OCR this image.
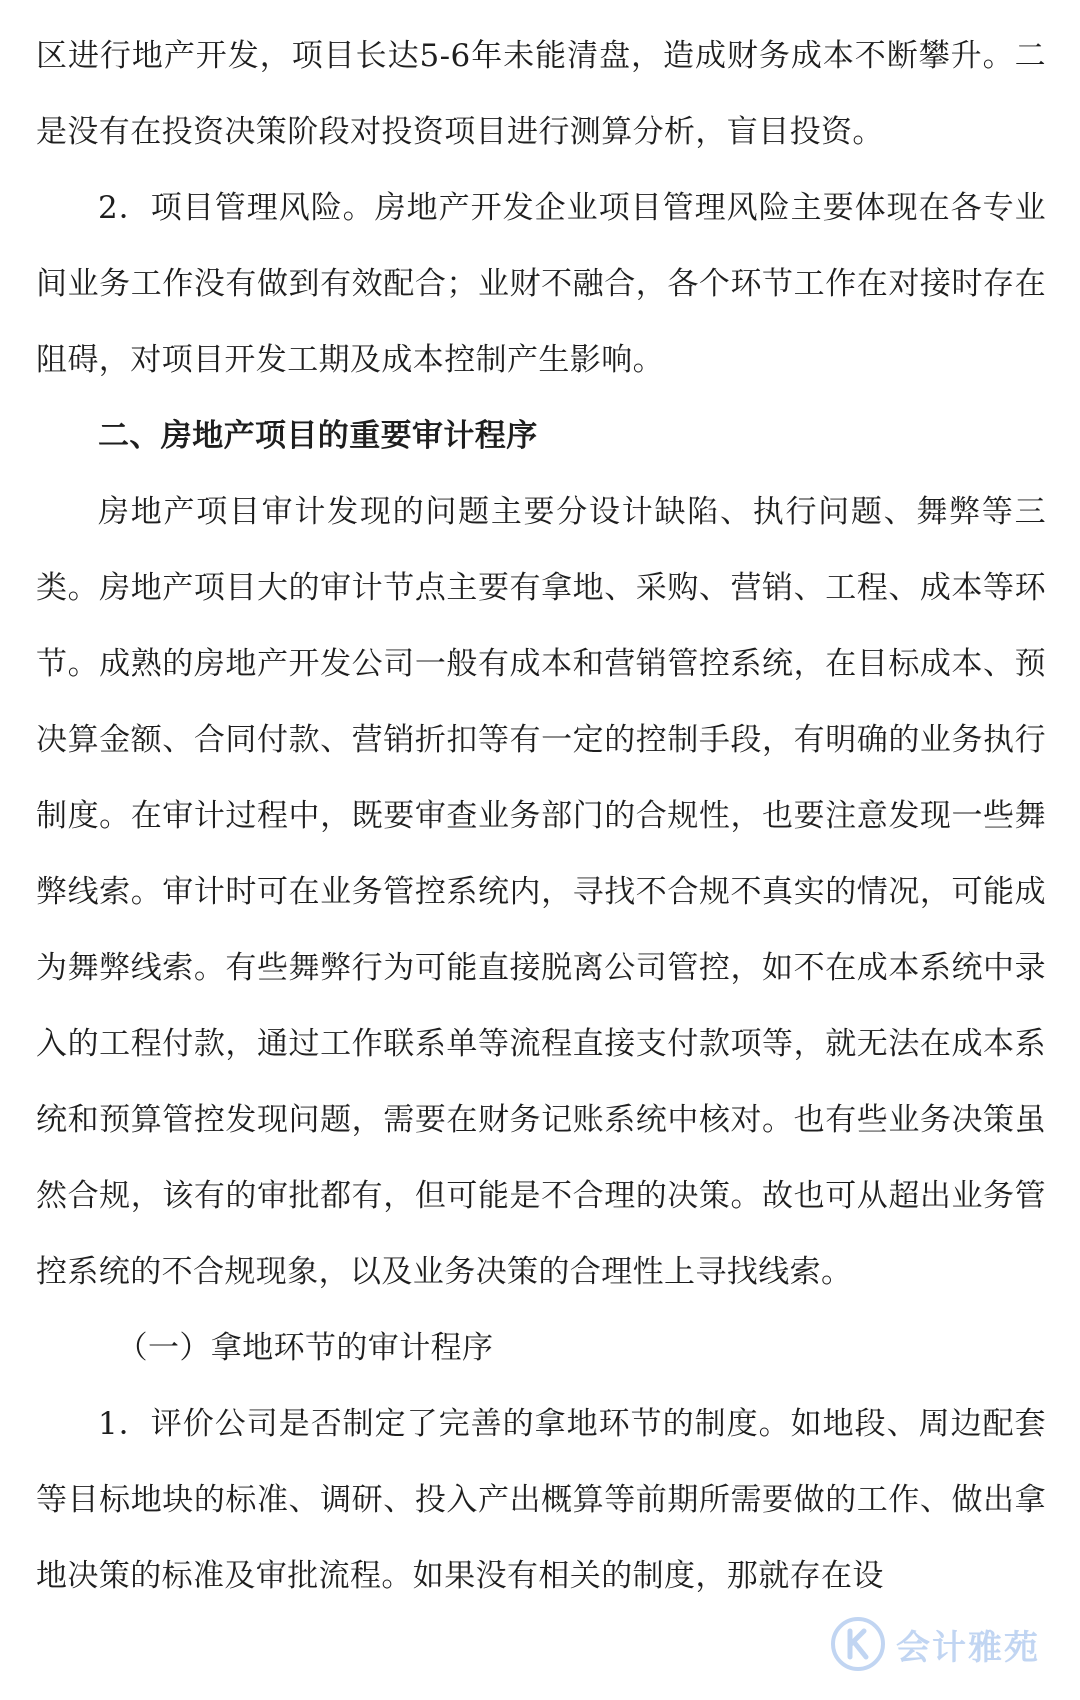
区进行地产开发，项目长达5-6年未能清盘，造成财务成本不断攀升。二是没有在投资决策阶段对投资项目进行测算分析，盲目投资。

2．项目管理风险。房地产开发企业项目管理风险主要体现在各专业间业务工作没有做到有效配合；业财不融合，各个环节工作在对接时存在阻碍，对项目开发工期及成本控制产生影响。

二、房地产项目的重要审计程序

房地产项目审计发现的问题主要分设计缺陷、执行问题、舞弊等三类。房地产项目大的审计节点主要有拿地、采购、营销、工程、成本等环节。成熟的房地产开发公司一般有成本和营销管控系统，在目标成本、预决算金额、合同付款、营销折扣等有一定的控制手段，有明确的业务执行制度。在审计过程中，既要审查业务部门的合规性，也要注意发现一些舞弊线索。审计时可在业务管控系统内，寻找不合规不真实的情况，可能成为舞弊线索。有些舞弊行为可能直接脱离公司管控，如不在成本系统中录入的工程付款，通过工作联系单等流程直接支付款项等，就无法在成本系统和预算管控发现问题，需要在财务记账系统中核对。也有些业务决策虽然合规，该有的审批都有，但可能是不合理的决策。故也可从超出业务管控系统的不合规现象，以及业务决策的合理性上寻找线索。

（一）拿地环节的审计程序

1．评价公司是否制定了完善的拿地环节的制度。如地段、周边配套等目标地块的标准、调研、投入产出概算等前期所需要做的工作、做出拿地决策的标准及审批流程。如果没有相关的制度，那就存在设

会计雅苑
